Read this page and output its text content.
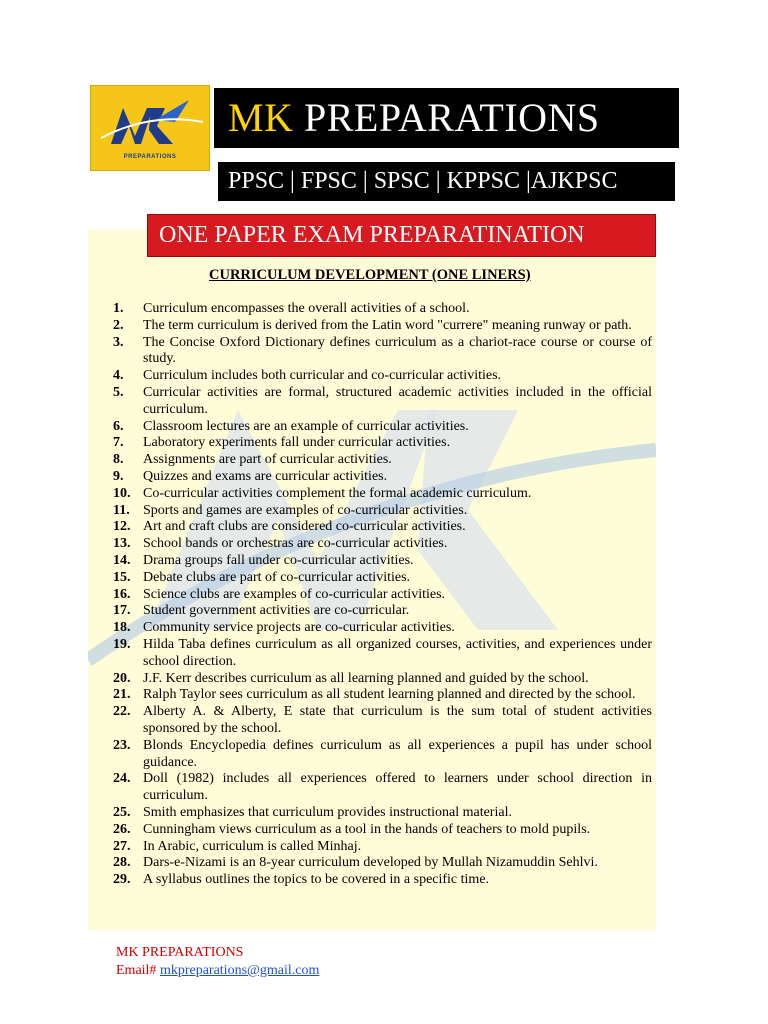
PREPARATIONS
MK PREPARATIONS
PPSC | FPSC | SPSC | KPPSC |AJKPSC
ONE PAPER EXAM PREPARATINATION
CURRICULUM DEVELOPMENT (ONE LINERS)
1.	Curriculum encompasses the overall activities of a school.
2.	The term curriculum is derived from the Latin word "currere" meaning runway or path.
3.	The Concise Oxford Dictionary defines curriculum as a chariot-race course or course of study.
4.	Curriculum includes both curricular and co-curricular activities.
5.	Curricular activities are formal, structured academic activities included in the official curriculum.
6.	Classroom lectures are an example of curricular activities.
7.	Laboratory experiments fall under curricular activities.
8.	Assignments are part of curricular activities.
9.	Quizzes and exams are curricular activities.
10. Co-curricular activities complement the formal academic curriculum.
11. Sports and games are examples of co-curricular activities.
12. Art and craft clubs are considered co-curricular activities.
13. School bands or orchestras are co-curricular activities.
14. Drama groups fall under co-curricular activities.
15. Debate clubs are part of co-curricular activities.
16. Science clubs are examples of co-curricular activities.
17. Student government activities are co-curricular.
18. Community service projects are co-curricular activities.
19. Hilda Taba defines curriculum as all organized courses, activities, and experiences under school direction.
20. J.F. Kerr describes curriculum as all learning planned and guided by the school.
21. Ralph Taylor sees curriculum as all student learning planned and directed by the school.
22. Alberty A. & Alberty, E state that curriculum is the sum total of student activities sponsored by the school.
23. Blonds Encyclopedia defines curriculum as all experiences a pupil has under school guidance.
24. Doll (1982) includes all experiences offered to learners under school direction in curriculum.
25. Smith emphasizes that curriculum provides instructional material.
26. Cunningham views curriculum as a tool in the hands of teachers to mold pupils.
27. In Arabic, curriculum is called Minhaj.
28. Dars-e-Nizami is an 8-year curriculum developed by Mullah Nizamuddin Sehlvi.
29. A syllabus outlines the topics to be covered in a specific time.
MK PREPARATIONS
Email# mkpreparations@gmail.com
